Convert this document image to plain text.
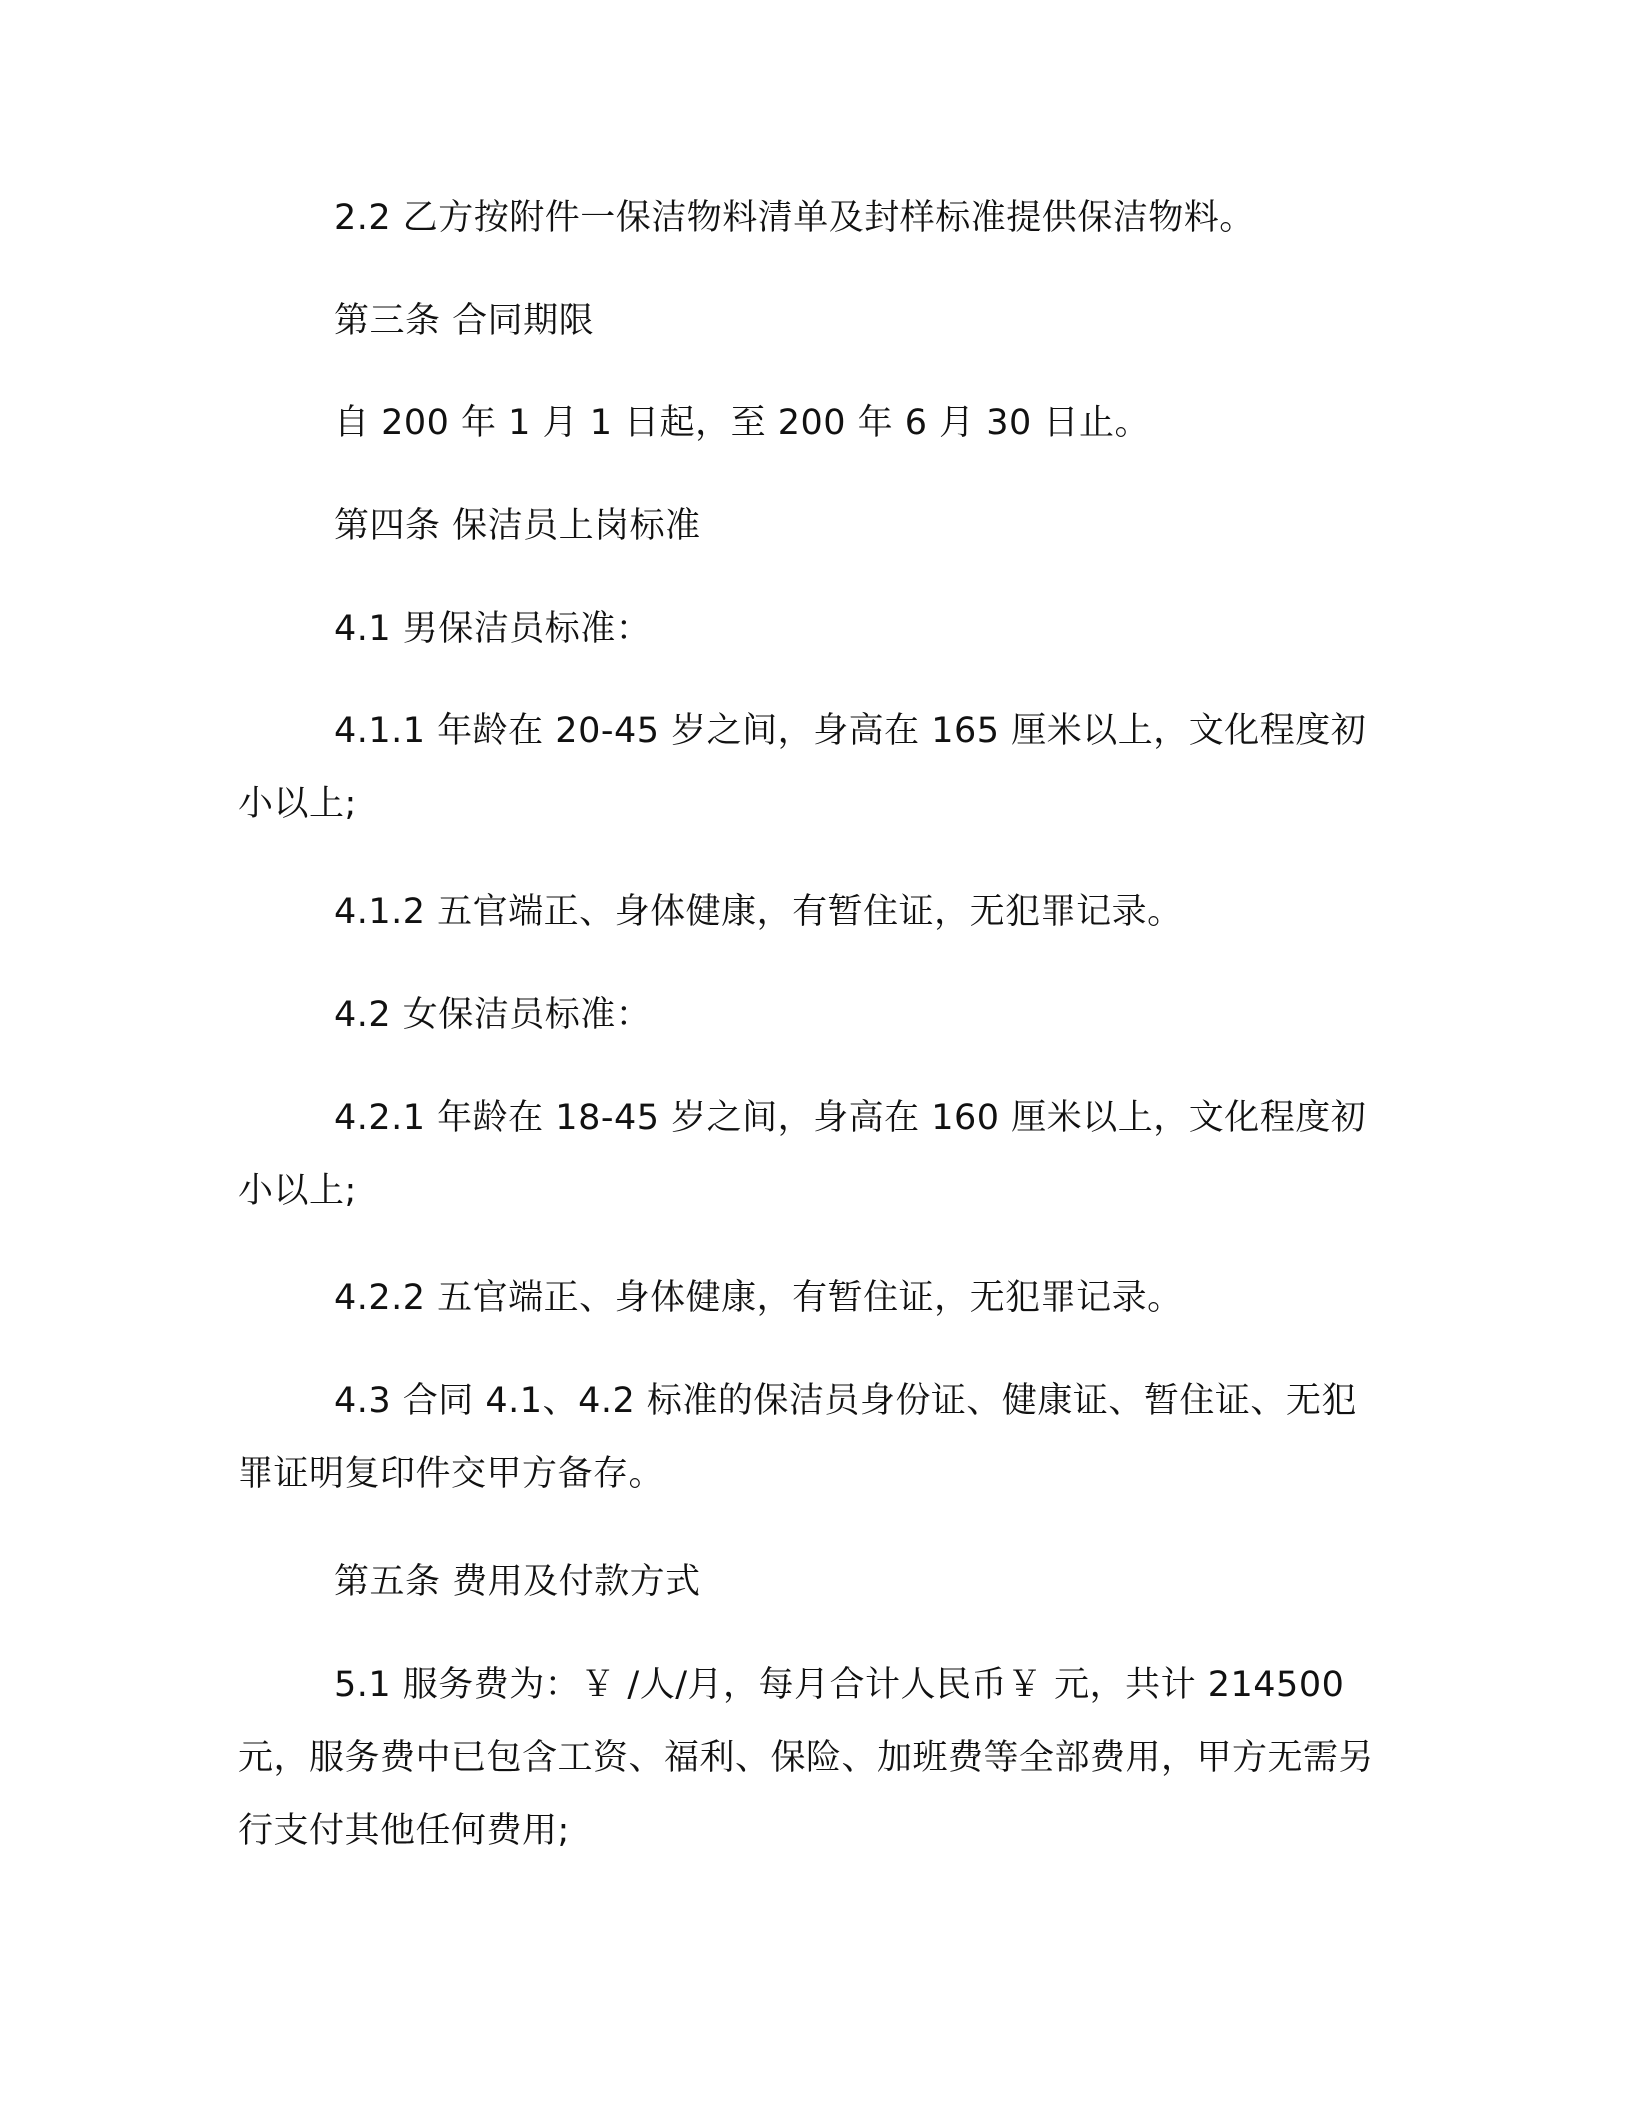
2.2 乙方按附件一保洁物料清单及封样标准提供保洁物料。

第三条 合同期限

自 200 年 1 月 1 日起，至 200 年 6 月 30 日止。

第四条 保洁员上岗标准

4.1 男保洁员标准：

4.1.1 年龄在 20-45 岁之间，身高在 165 厘米以上，文化程度初小以上;

4.1.2 五官端正、身体健康，有暂住证，无犯罪记录。

4.2 女保洁员标准：

4.2.1 年龄在 18-45 岁之间，身高在 160 厘米以上，文化程度初小以上;

4.2.2 五官端正、身体健康，有暂住证，无犯罪记录。

4.3 合同 4.1、4.2 标准的保洁员身份证、健康证、暂住证、无犯罪证明复印件交甲方备存。

第五条 费用及付款方式

5.1 服务费为：￥ /人/月，每月合计人民币￥ 元，共计 214500 元，服务费中已包含工资、福利、保险、加班费等全部费用，甲方无需另行支付其他任何费用;
